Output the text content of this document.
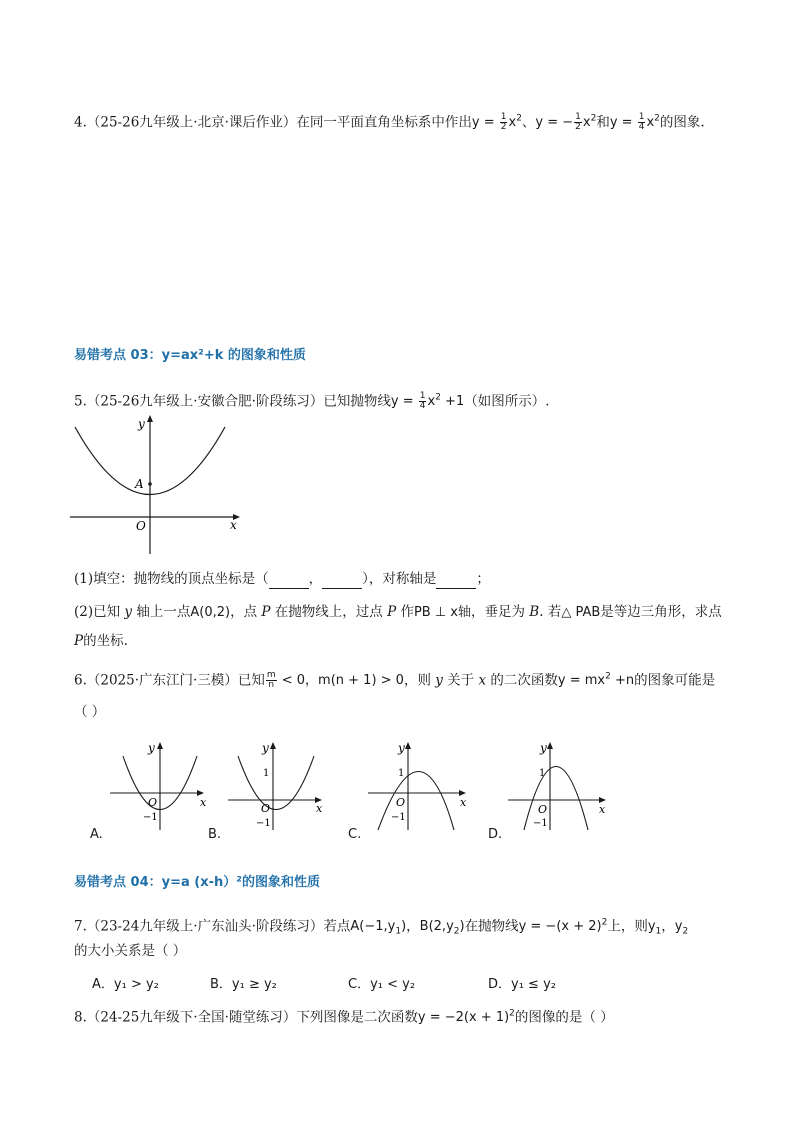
4.（25-26九年级上·北京·课后作业）在同一平面直角坐标系中作出$y = \frac{1}{2} x^2$、y = − $\frac{1}{2} x^2$和$y = \frac{1}{4} x^2$的图象.
易错考点 03：y=ax²+k 的图象和性质
5.（25-26九年级上·安徽合肥·阶段练习）已知抛物线$y = \frac{1}{4} x^2 +1$（如图所示）.
A
O	x
y
(1)填空：抛物线的顶点坐标是（	，	），对称轴是	；
(2)已知 y 轴上一点A(0,2)，点 P 在抛物线上，过点 P 作PB ⊥ x轴，垂足为 B. 若△ PAB是等边三角形，求点
P的坐标.
6.（2025·广东江门·三模）已知 $\frac{m}{n} < 0$，m(n + 1) > 0，则 y 关于 x 的二次函数$y = mx^2 +n$的图象可能是
（ ）
y
O
−1
x
A.
y
O
−1
x
1
B.
y
O
−1
x
1
C.
y
O
−1
x
1
D.
易错考点 04：y=a (x-h）²的图象和性质
7.（23-24九年级上·广东汕头·阶段练习）若点$A(-1,y_1)$，$B(2,y_2)$在抛物线$y = -(x + 2)^2$上，则$y_1$，$y_2$
的大小关系是（ ）
A．y₁ > y₂	B．y₁ ≥ y₂	C．y₁ < y₂	D．y₁ ≤ y₂
8.（24-25九年级下·全国·随堂练习）下列图像是二次函数$y = -2(x + 1)^2$的图像的是（ ）
